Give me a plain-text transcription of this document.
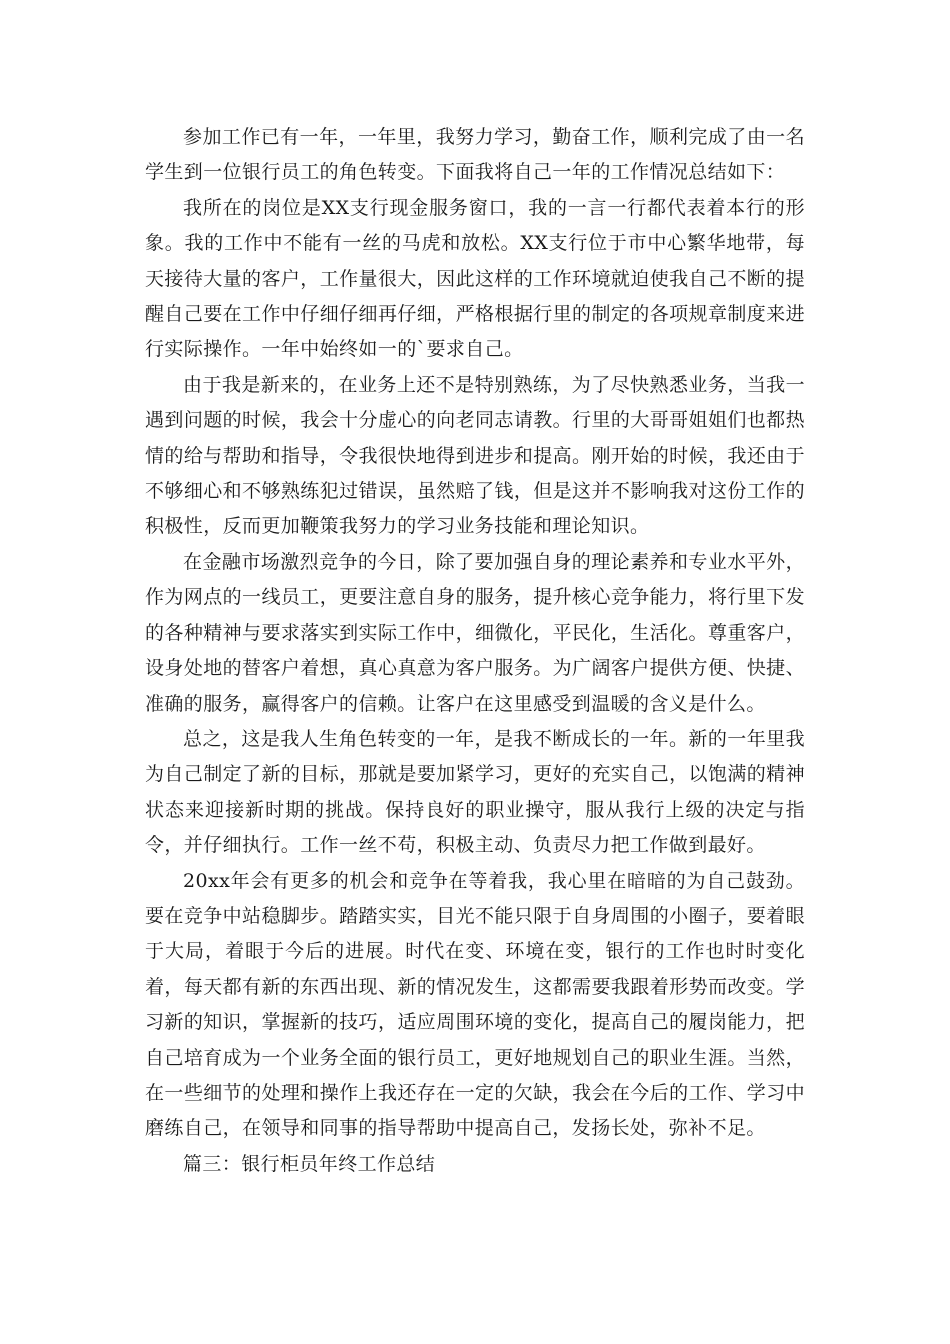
参加工作已有一年，一年里，我努力学习，勤奋工作，顺利完成了由一名学生到一位银行员工的角色转变。下面我将自己一年的工作情况总结如下：

我所在的岗位是XX支行现金服务窗口，我的一言一行都代表着本行的形象。我的工作中不能有一丝的马虎和放松。XX支行位于市中心繁华地带，每天接待大量的客户，工作量很大，因此这样的工作环境就迫使我自己不断的提醒自己要在工作中仔细仔细再仔细，严格根据行里的制定的各项规章制度来进行实际操作。一年中始终如一的`要求自己。

由于我是新来的，在业务上还不是特别熟练，为了尽快熟悉业务，当我一遇到问题的时候，我会十分虚心的向老同志请教。行里的大哥哥姐姐们也都热情的给与帮助和指导，令我很快地得到进步和提高。刚开始的时候，我还由于不够细心和不够熟练犯过错误，虽然赔了钱，但是这并不影响我对这份工作的积极性，反而更加鞭策我努力的学习业务技能和理论知识。

在金融市场激烈竞争的今日，除了要加强自身的理论素养和专业水平外，作为网点的一线员工，更要注意自身的服务，提升核心竞争能力，将行里下发的各种精神与要求落实到实际工作中，细微化，平民化，生活化。尊重客户，设身处地的替客户着想，真心真意为客户服务。为广阔客户提供方便、快捷、准确的服务，赢得客户的信赖。让客户在这里感受到温暖的含义是什么。

总之，这是我人生角色转变的一年，是我不断成长的一年。新的一年里我为自己制定了新的目标，那就是要加紧学习，更好的充实自己，以饱满的精神状态来迎接新时期的挑战。保持良好的职业操守，服从我行上级的决定与指令，并仔细执行。工作一丝不苟，积极主动、负责尽力把工作做到最好。

20xx年会有更多的机会和竞争在等着我，我心里在暗暗的为自己鼓劲。要在竞争中站稳脚步。踏踏实实，目光不能只限于自身周围的小圈子，要着眼于大局，着眼于今后的进展。时代在变、环境在变，银行的工作也时时变化着，每天都有新的东西出现、新的情况发生，这都需要我跟着形势而改变。学习新的知识，掌握新的技巧，适应周围环境的变化，提高自己的履岗能力，把自己培育成为一个业务全面的银行员工，更好地规划自己的职业生涯。当然，在一些细节的处理和操作上我还存在一定的欠缺，我会在今后的工作、学习中磨练自己，在领导和同事的指导帮助中提高自己，发扬长处，弥补不足。

篇三：银行柜员年终工作总结
